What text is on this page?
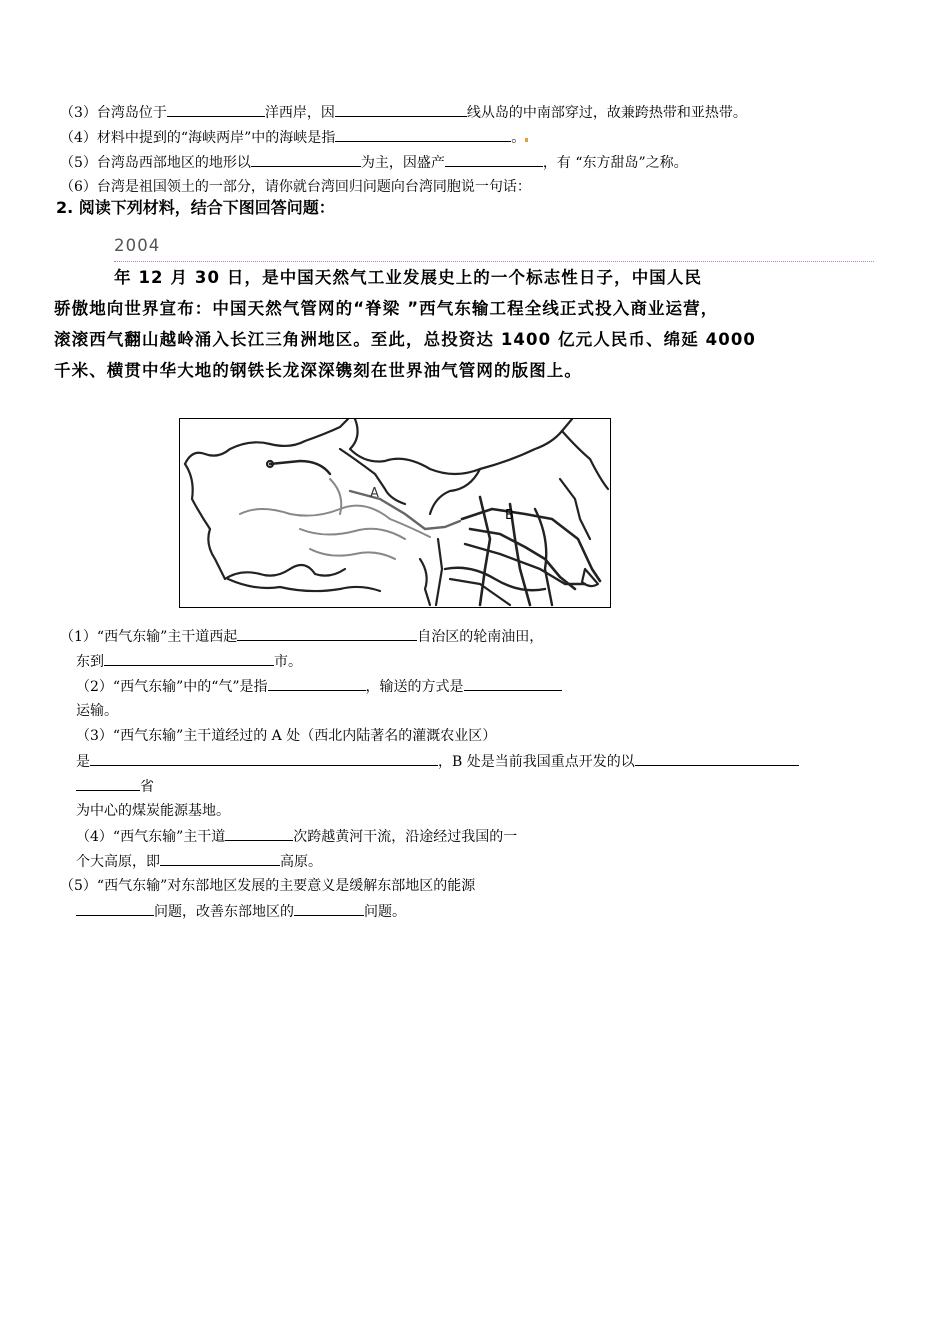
（3）台湾岛位于	洋西岸，因	线从岛的中南部穿过，故兼跨热带和亚热带。
（4）材料中提到的“海峡两岸”中的海峡是指	。
（5）台湾岛西部地区的地形以	为主，因盛产	，有 “东方甜岛”之称。
（6）台湾是祖国领土的一部分，请你就台湾回归问题向台湾同胞说一句话：
2. 阅读下列材料，结合下图回答问题：
2004
年 12 月 30 日，是中国天然气工业发展史上的一个标志性日子，中国人民
骄傲地向世界宣布：中国天然气管网的“脊梁 ”西气东输工程全线正式投入商业运营，
滚滚西气翻山越岭涌入长江三角洲地区。至此，总投资达 1400 亿元人民币、绵延 4000
千米、横贯中华大地的钢铁长龙深深镌刻在世界油气管网的版图上。
A
B
（1）“西气东输”主干道西起	自治区的轮南油田，
东到	市。
（2）“西气东输”中的“气”是指	，输送的方式是
运输。
（3）“西气东输”主干道经过的 A 处（西北内陆著名的灌溉农业区）
是	，B 处是当前我国重点开发的以
省
为中心的煤炭能源基地。
（4）“西气东输”主干道	次跨越黄河干流，沿途经过我国的一
个大高原，即	高原。
（5）“西气东输”对东部地区发展的主要意义是缓解东部地区的能源
问题，改善东部地区的	问题。
